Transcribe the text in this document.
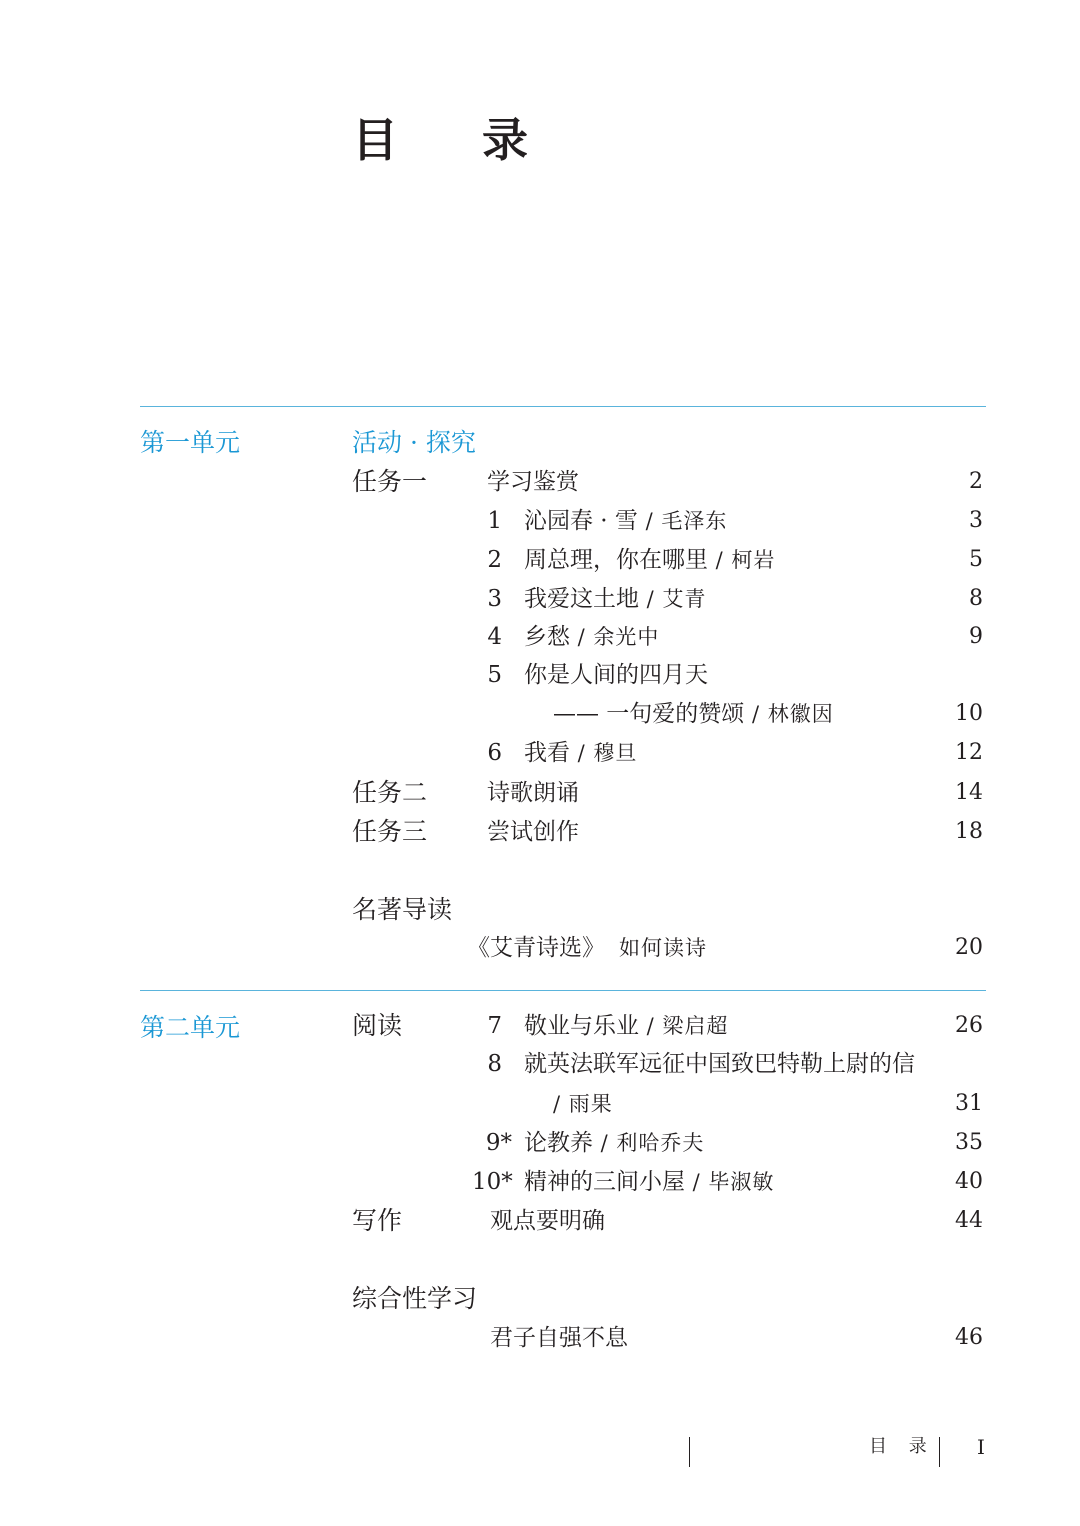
目 录
第一单元	活动 · 探究
任务一	学习鉴赏	2
1 沁园春 · 雪 / 毛泽东	3
2 周总理，你在哪里 / 柯岩	5
3 我爱这土地 / 艾青	8
4 乡愁 / 余光中	9
5 你是人间的四月天
—— 一句爱的赞颂 / 林徽因	10
6 我看 / 穆旦	12
任务二	诗歌朗诵	14
任务三	尝试创作	18
名著导读
《艾青诗选》 如何读诗	20
第二单元	阅读	7 敬业与乐业 / 梁启超	26
8 就英法联军远征中国致巴特勒上尉的信
/ 雨果	31
9* 论教养 / 利哈乔夫	35
10* 精神的三间小屋 / 毕淑敏	40
写作	观点要明确	44
综合性学习
君子自强不息	46
目 录 I
